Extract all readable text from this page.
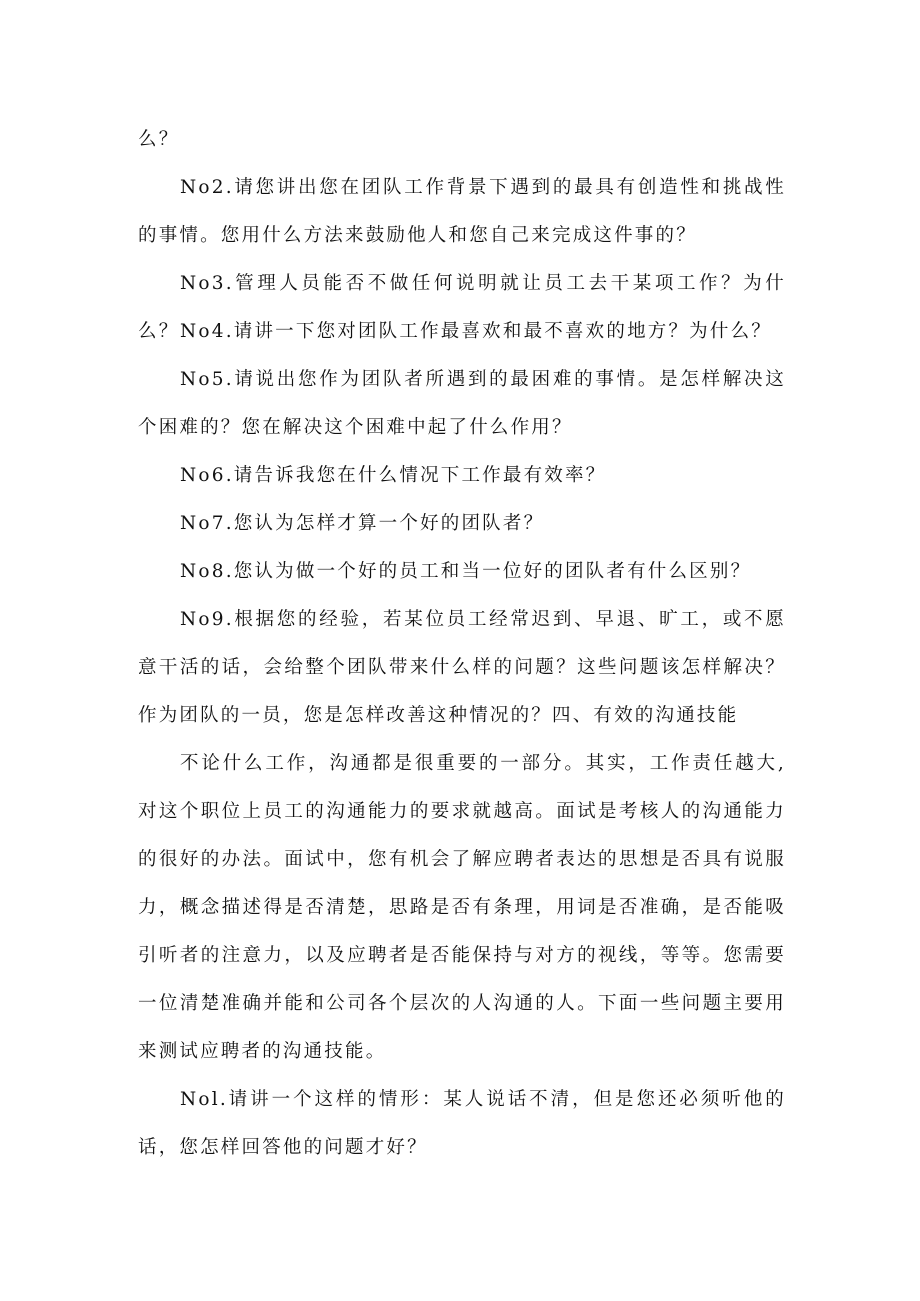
么？

No2.请您讲出您在团队工作背景下遇到的最具有创造性和挑战性的事情。您用什么方法来鼓励他人和您自己来完成这件事的？

No3.管理人员能否不做任何说明就让员工去干某项工作？为什么？ No4.请讲一下您对团队工作最喜欢和最不喜欢的地方？为什么？

No5.请说出您作为团队者所遇到的最困难的事情。是怎样解决这个困难的？您在解决这个困难中起了什么作用？

No6.请告诉我您在什么情况下工作最有效率？

No7.您认为怎样才算一个好的团队者？

No8.您认为做一个好的员工和当一位好的团队者有什么区别？

No9.根据您的经验，若某位员工经常迟到、早退、旷工，或不愿意干活的话，会给整个团队带来什么样的问题？这些问题该怎样解决？作为团队的一员，您是怎样改善这种情况的？四、有效的沟通技能

不论什么工作，沟通都是很重要的一部分。其实，工作责任越大,对这个职位上员工的沟通能力的要求就越高。面试是考核人的沟通能力的很好的办法。面试中，您有机会了解应聘者表达的思想是否具有说服力，概念描述得是否清楚，思路是否有条理，用词是否准确，是否能吸引听者的注意力，以及应聘者是否能保持与对方的视线，等等。您需要一位清楚准确并能和公司各个层次的人沟通的人。下面一些问题主要用来测试应聘者的沟通技能。

Nol.请讲一个这样的情形：某人说话不清，但是您还必须听他的话，您怎样回答他的问题才好？
